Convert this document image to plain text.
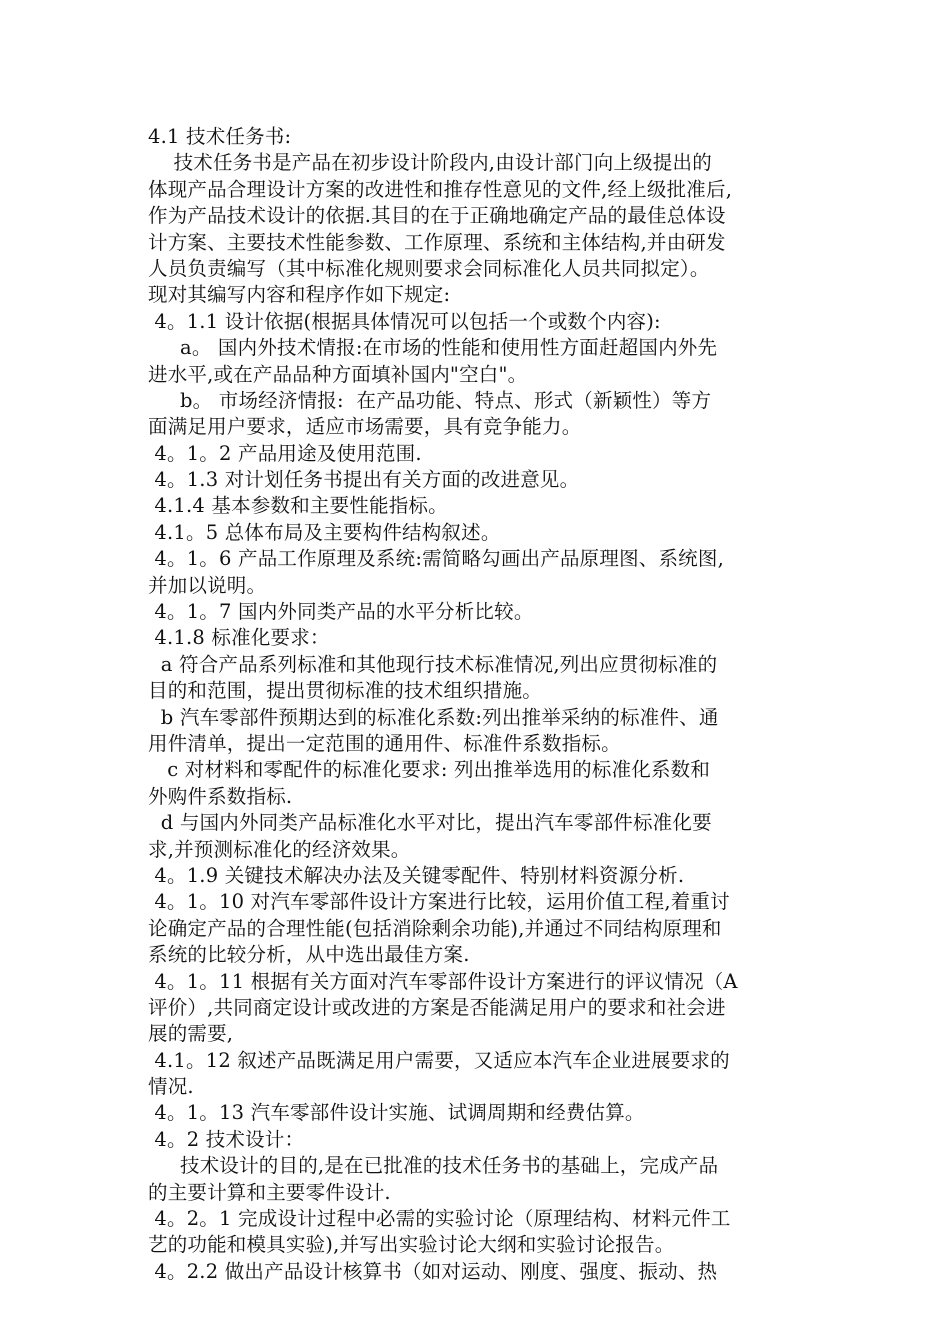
4.1 技术任务书:
技术任务书是产品在初步设计阶段内,由设计部门向上级提出的
体现产品合理设计方案的改进性和推存性意见的文件,经上级批准后,
作为产品技术设计的依据.其目的在于正确地确定产品的最佳总体设
计方案、主要技术性能参数、工作原理、系统和主体结构,并由研发
人员负责编写（其中标准化规则要求会同标准化人员共同拟定）。
现对其编写内容和程序作如下规定:
4。1.1 设计依据(根据具体情况可以包括一个或数个内容):
a。 国内外技术情报:在市场的性能和使用性方面赶超国内外先
进水平,或在产品品种方面填补国内"空白"。
b。 市场经济情报:  在产品功能、特点、形式（新颖性）等方
面满足用户要求，适应市场需要，具有竞争能力。
4。1。2 产品用途及使用范围.
4。1.3 对计划任务书提出有关方面的改进意见。
4.1.4 基本参数和主要性能指标。
4.1。5 总体布局及主要构件结构叙述。
4。1。6 产品工作原理及系统:需简略勾画出产品原理图、系统图,
并加以说明。
4。1。7 国内外同类产品的水平分析比较。
4.1.8 标准化要求：
a 符合产品系列标准和其他现行技术标准情况,列出应贯彻标准的
目的和范围，提出贯彻标准的技术组织措施。
b 汽车零部件预期达到的标准化系数:列出推举采纳的标准件、通
用件清单，提出一定范围的通用件、标准件系数指标。
c 对材料和零配件的标准化要求: 列出推举选用的标准化系数和
外购件系数指标.
d 与国内外同类产品标准化水平对比，提出汽车零部件标准化要
求,并预测标准化的经济效果。
4。1.9 关键技术解决办法及关键零配件、特别材料资源分析.
4。1。10 对汽车零部件设计方案进行比较，运用价值工程,着重讨
论确定产品的合理性能(包括消除剩余功能),并通过不同结构原理和
系统的比较分析，从中选出最佳方案.
4。1。11 根据有关方面对汽车零部件设计方案进行的评议情况（A
评价）,共同商定设计或改进的方案是否能满足用户的要求和社会进
展的需要,
4.1。12 叙述产品既满足用户需要，又适应本汽车企业进展要求的
情况.
4。1。13 汽车零部件设计实施、试调周期和经费估算。
4。2 技术设计：
技术设计的目的,是在已批准的技术任务书的基础上，完成产品
的主要计算和主要零件设计.
4。2。1 完成设计过程中必需的实验讨论（原理结构、材料元件工
艺的功能和模具实验),并写出实验讨论大纲和实验讨论报告。
4。2.2 做出产品设计核算书（如对运动、刚度、强度、振动、热
